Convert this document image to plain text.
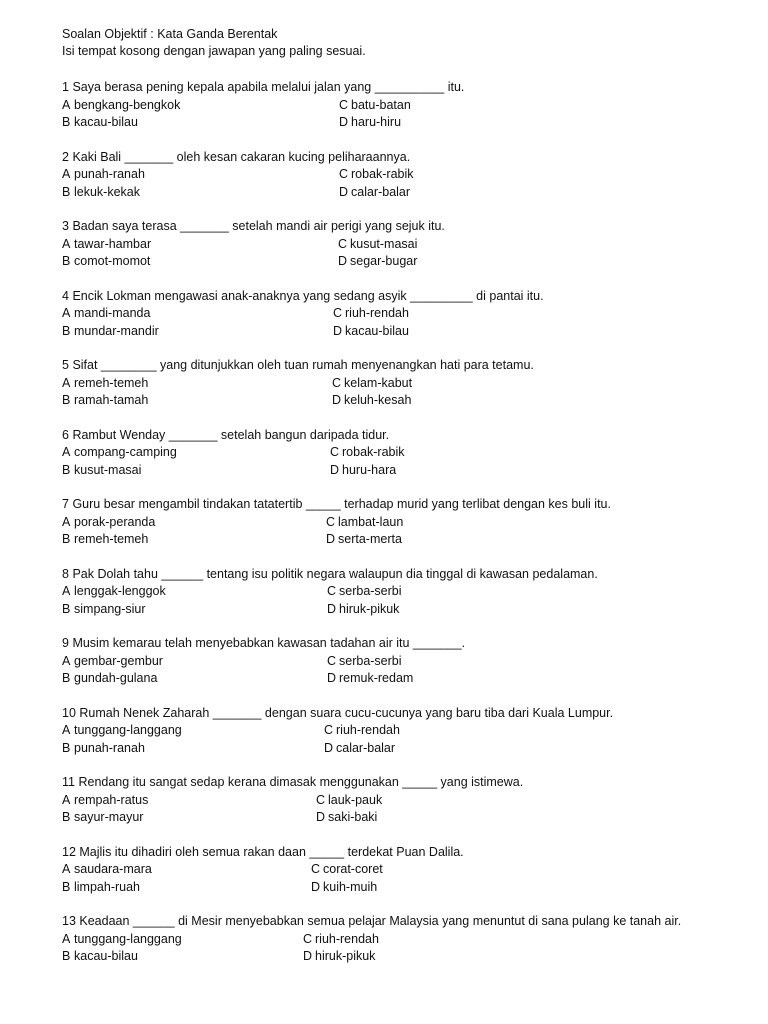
Soalan Objektif : Kata Ganda Berentak
Isi tempat kosong dengan jawapan yang paling sesuai.
1 Saya berasa pening kepala apabila melalui jalan yang __________ itu.
A bengkang-bengkok	C batu-batan
B kacau-bilau	D haru-hiru
2 Kaki Bali _______ oleh kesan cakaran kucing peliharaannya.
A punah-ranah	C robak-rabik
B lekuk-kekak	D calar-balar
3 Badan saya terasa _______ setelah mandi air perigi yang sejuk itu.
A tawar-hambar	C kusut-masai
B comot-momot	D segar-bugar
4 Encik Lokman mengawasi anak-anaknya yang sedang asyik _________ di pantai itu.
A mandi-manda	C riuh-rendah
B mundar-mandir	D kacau-bilau
5 Sifat ________ yang ditunjukkan oleh tuan rumah menyenangkan hati para tetamu.
A remeh-temeh	C kelam-kabut
B ramah-tamah	D keluh-kesah
6 Rambut Wenday _______ setelah bangun daripada tidur.
A compang-camping	C robak-rabik
B kusut-masai	D huru-hara
7 Guru besar mengambil tindakan tatatertib _____ terhadap murid yang terlibat dengan kes buli itu.
A porak-peranda	C lambat-laun
B remeh-temeh	D serta-merta
8 Pak Dolah tahu ______ tentang isu politik negara walaupun dia tinggal di kawasan pedalaman.
A lenggak-lenggok	C serba-serbi
B simpang-siur	D hiruk-pikuk
9 Musim kemarau telah menyebabkan kawasan tadahan air itu _______.
A gembar-gembur	C serba-serbi
B gundah-gulana	D remuk-redam
10 Rumah Nenek Zaharah _______ dengan suara cucu-cucunya yang baru tiba dari Kuala Lumpur.
A tunggang-langgang	C riuh-rendah
B punah-ranah	D calar-balar
11 Rendang itu sangat sedap kerana dimasak menggunakan _____ yang istimewa.
A rempah-ratus	C lauk-pauk
B sayur-mayur	D saki-baki
12 Majlis itu dihadiri oleh semua rakan daan _____ terdekat Puan Dalila.
A saudara-mara	C corat-coret
B limpah-ruah	D kuih-muih
13 Keadaan ______ di Mesir menyebabkan semua pelajar Malaysia yang menuntut di sana pulang ke tanah air.
A tunggang-langgang	C riuh-rendah
B kacau-bilau	D hiruk-pikuk
